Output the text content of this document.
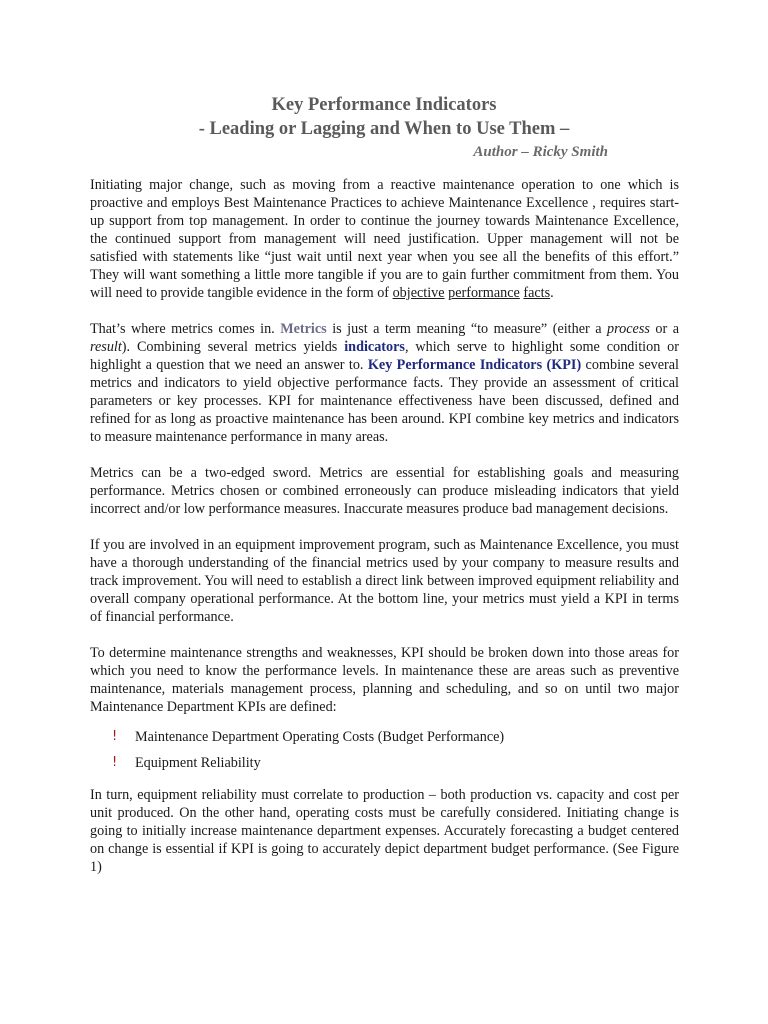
Key Performance Indicators
- Leading or Lagging and When to Use Them –
Author – Ricky Smith

Initiating major change, such as moving from a reactive maintenance operation to one which is proactive and employs Best Maintenance Practices to achieve Maintenance Excellence , requires start-up support from top management. In order to continue the journey towards Maintenance Excellence, the continued support from management will need justification. Upper management will not be satisfied with statements like “just wait until next year when you see all the benefits of this effort.” They will want something a little more tangible if you are to gain further commitment from them. You will need to provide tangible evidence in the form of objective performance facts.

That’s where metrics comes in. Metrics is just a term meaning “to measure” (either a process or a result). Combining several metrics yields indicators, which serve to highlight some condition or highlight a question that we need an answer to. Key Performance Indicators (KPI) combine several metrics and indicators to yield objective performance facts. They provide an assessment of critical parameters or key processes. KPI for maintenance effectiveness have been discussed, defined and refined for as long as proactive maintenance has been around. KPI combine key metrics and indicators to measure maintenance performance in many areas.

Metrics can be a two-edged sword. Metrics are essential for establishing goals and measuring performance. Metrics chosen or combined erroneously can produce misleading indicators that yield incorrect and/or low performance measures. Inaccurate measures produce bad management decisions.

If you are involved in an equipment improvement program, such as Maintenance Excellence, you must have a thorough understanding of the financial metrics used by your company to measure results and track improvement. You will need to establish a direct link between improved equipment reliability and overall company operational performance. At the bottom line, your metrics must yield a KPI in terms of financial performance.

To determine maintenance strengths and weaknesses, KPI should be broken down into those areas for which you need to know the performance levels. In maintenance these are areas such as preventive maintenance, materials management process, planning and scheduling, and so on until two major Maintenance Department KPIs are defined:

! Maintenance Department Operating Costs (Budget Performance)
! Equipment Reliability

In turn, equipment reliability must correlate to production – both production vs. capacity and cost per unit produced. On the other hand, operating costs must be carefully considered. Initiating change is going to initially increase maintenance department expenses. Accurately forecasting a budget centered on change is essential if KPI is going to accurately depict department budget performance. (See Figure 1)
